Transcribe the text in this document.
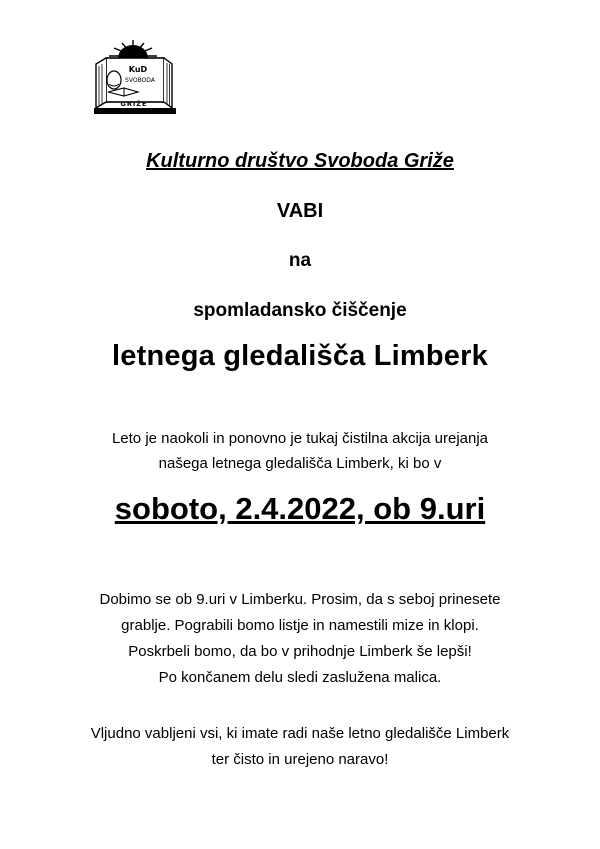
KuD
SVOBODA
GRIŽE
Kulturno društvo Svoboda Griže
VABI
na
spomladansko čiščenje
letnega gledališča Limberk
Leto je naokoli in ponovno je tukaj čistilna akcija urejanja
našega letnega gledališča Limberk, ki bo v
soboto, 2.4.2022, ob 9.uri
Dobimo se ob 9.uri v Limberku. Prosim, da s seboj prinesete
grablje. Pograbili bomo listje in namestili mize in klopi.
Poskrbeli bomo, da bo v prihodnje Limberk še lepši!
Po končanem delu sledi zaslužena malica.
Vljudno vabljeni vsi, ki imate radi naše letno gledališče Limberk
ter čisto in urejeno naravo!
